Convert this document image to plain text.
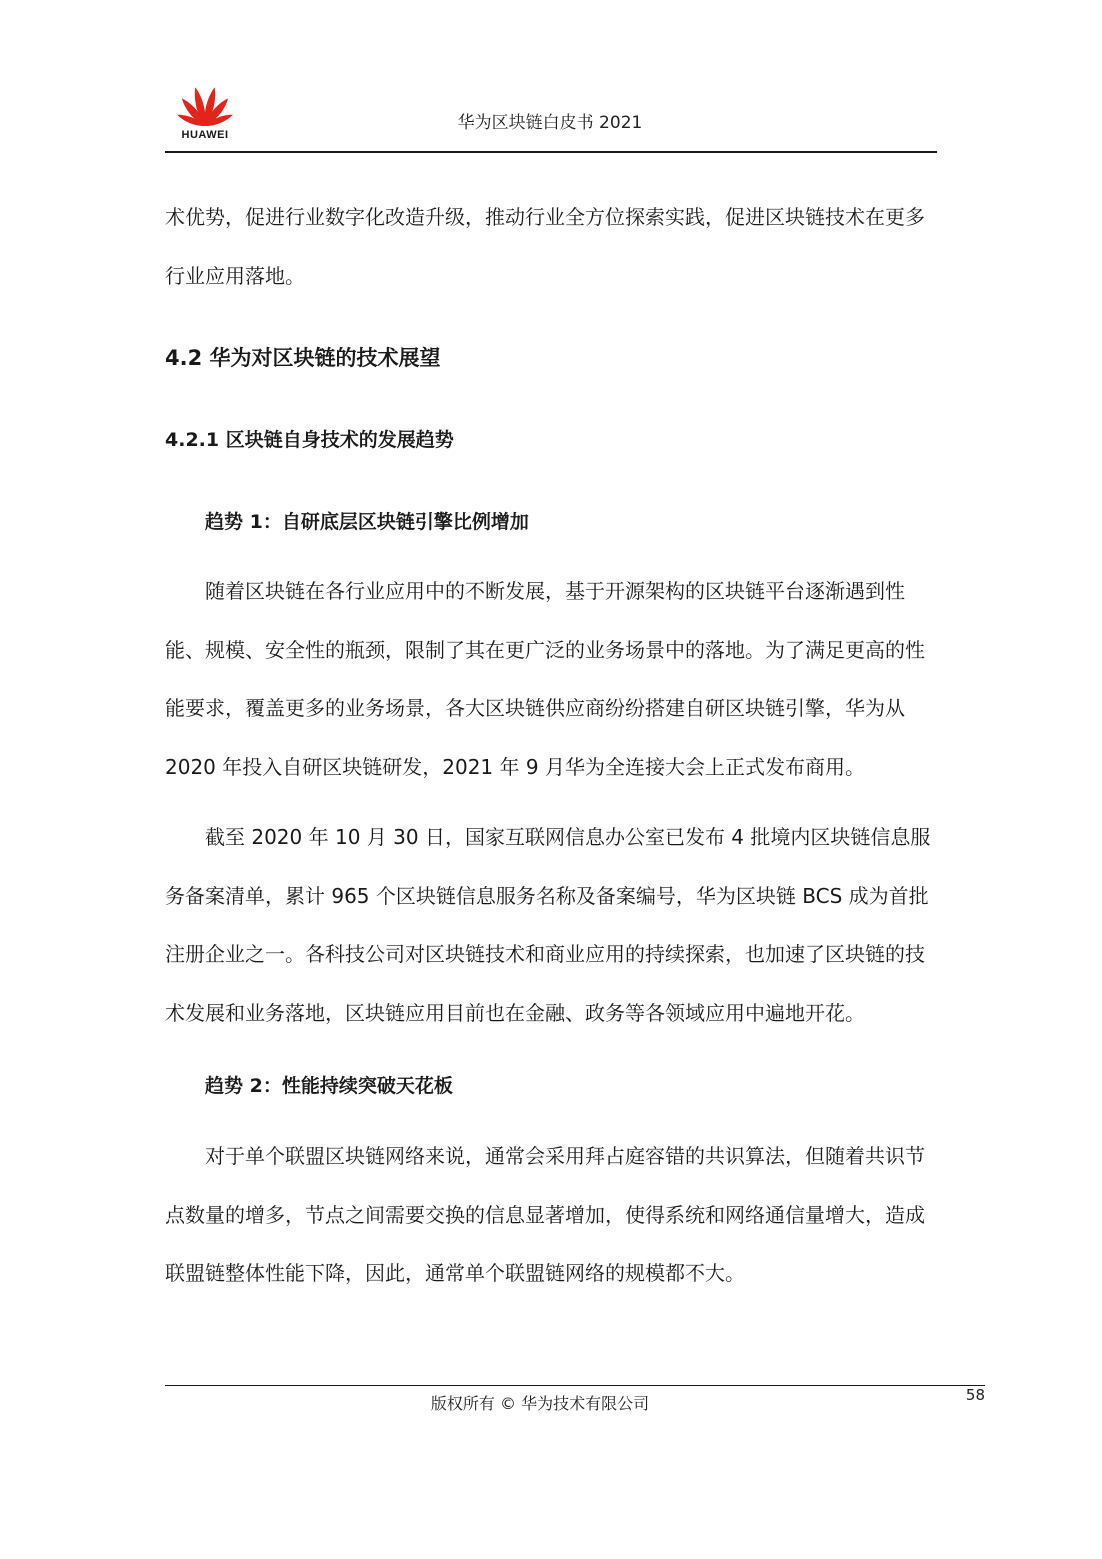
HUAWEI
华为区块链白皮书 2021

术优势，促进行业数字化改造升级，推动行业全方位探索实践，促进区块链技术在更多行业应用落地。

4.2 华为对区块链的技术展望
4.2.1 区块链自身技术的发展趋势
趋势 1：自研底层区块链引擎比例增加

随着区块链在各行业应用中的不断发展，基于开源架构的区块链平台逐渐遇到性能、规模、安全性的瓶颈，限制了其在更广泛的业务场景中的落地。为了满足更高的性能要求，覆盖更多的业务场景，各大区块链供应商纷纷搭建自研区块链引擎，华为从 2020 年投入自研区块链研发，2021 年 9 月华为全连接大会上正式发布商用。

截至 2020 年 10 月 30 日，国家互联网信息办公室已发布 4 批境内区块链信息服务备案清单，累计 965 个区块链信息服务名称及备案编号，华为区块链 BCS 成为首批注册企业之一。各科技公司对区块链技术和商业应用的持续探索，也加速了区块链的技术发展和业务落地，区块链应用目前也在金融、政务等各领域应用中遍地开花。

趋势 2：性能持续突破天花板

对于单个联盟区块链网络来说，通常会采用拜占庭容错的共识算法，但随着共识节点数量的增多，节点之间需要交换的信息显著增加，使得系统和网络通信量增大，造成联盟链整体性能下降，因此，通常单个联盟链网络的规模都不大。

版权所有 © 华为技术有限公司	58
